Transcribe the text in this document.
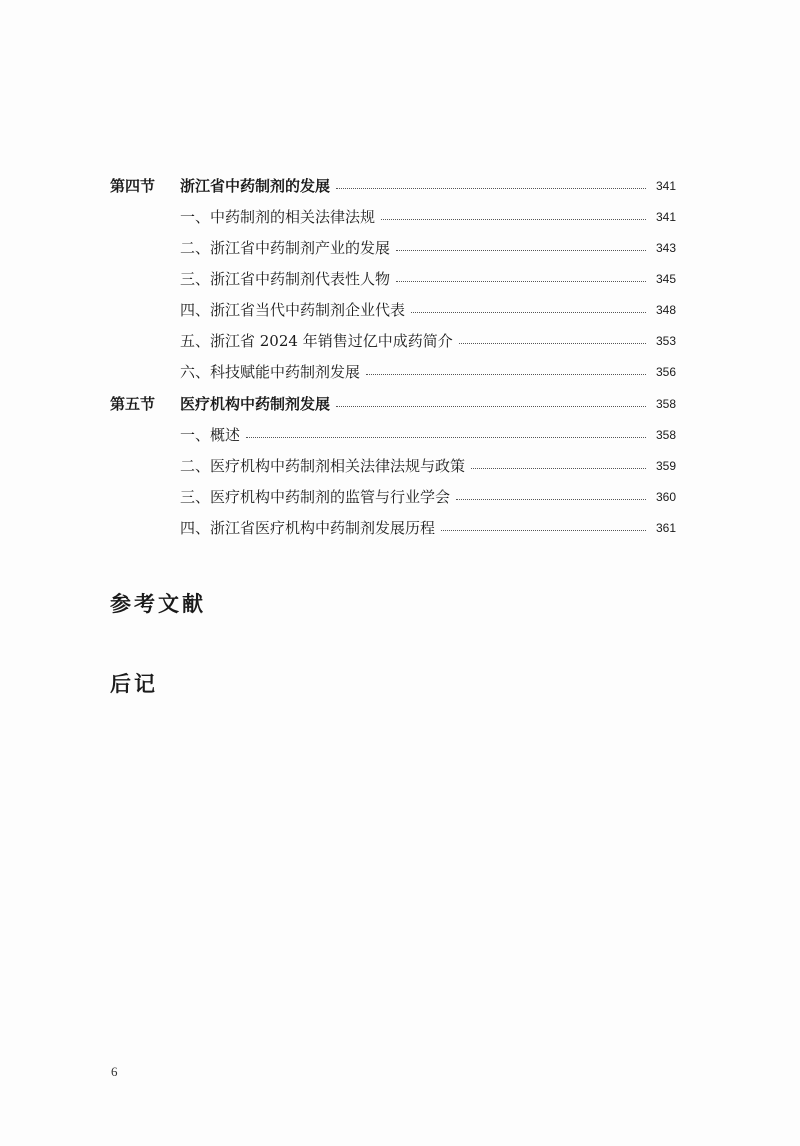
第四节	浙江省中药制剂的发展	341
一、中药制剂的相关法律法规	341
二、浙江省中药制剂产业的发展	343
三、浙江省中药制剂代表性人物	345
四、浙江省当代中药制剂企业代表	348
五、浙江省 2024 年销售过亿中成药简介	353
六、科技赋能中药制剂发展	356
第五节	医疗机构中药制剂发展	358
一、概述	358
二、医疗机构中药制剂相关法律法规与政策	359
三、医疗机构中药制剂的监管与行业学会	360
四、浙江省医疗机构中药制剂发展历程	361
参考文献
后记
6
